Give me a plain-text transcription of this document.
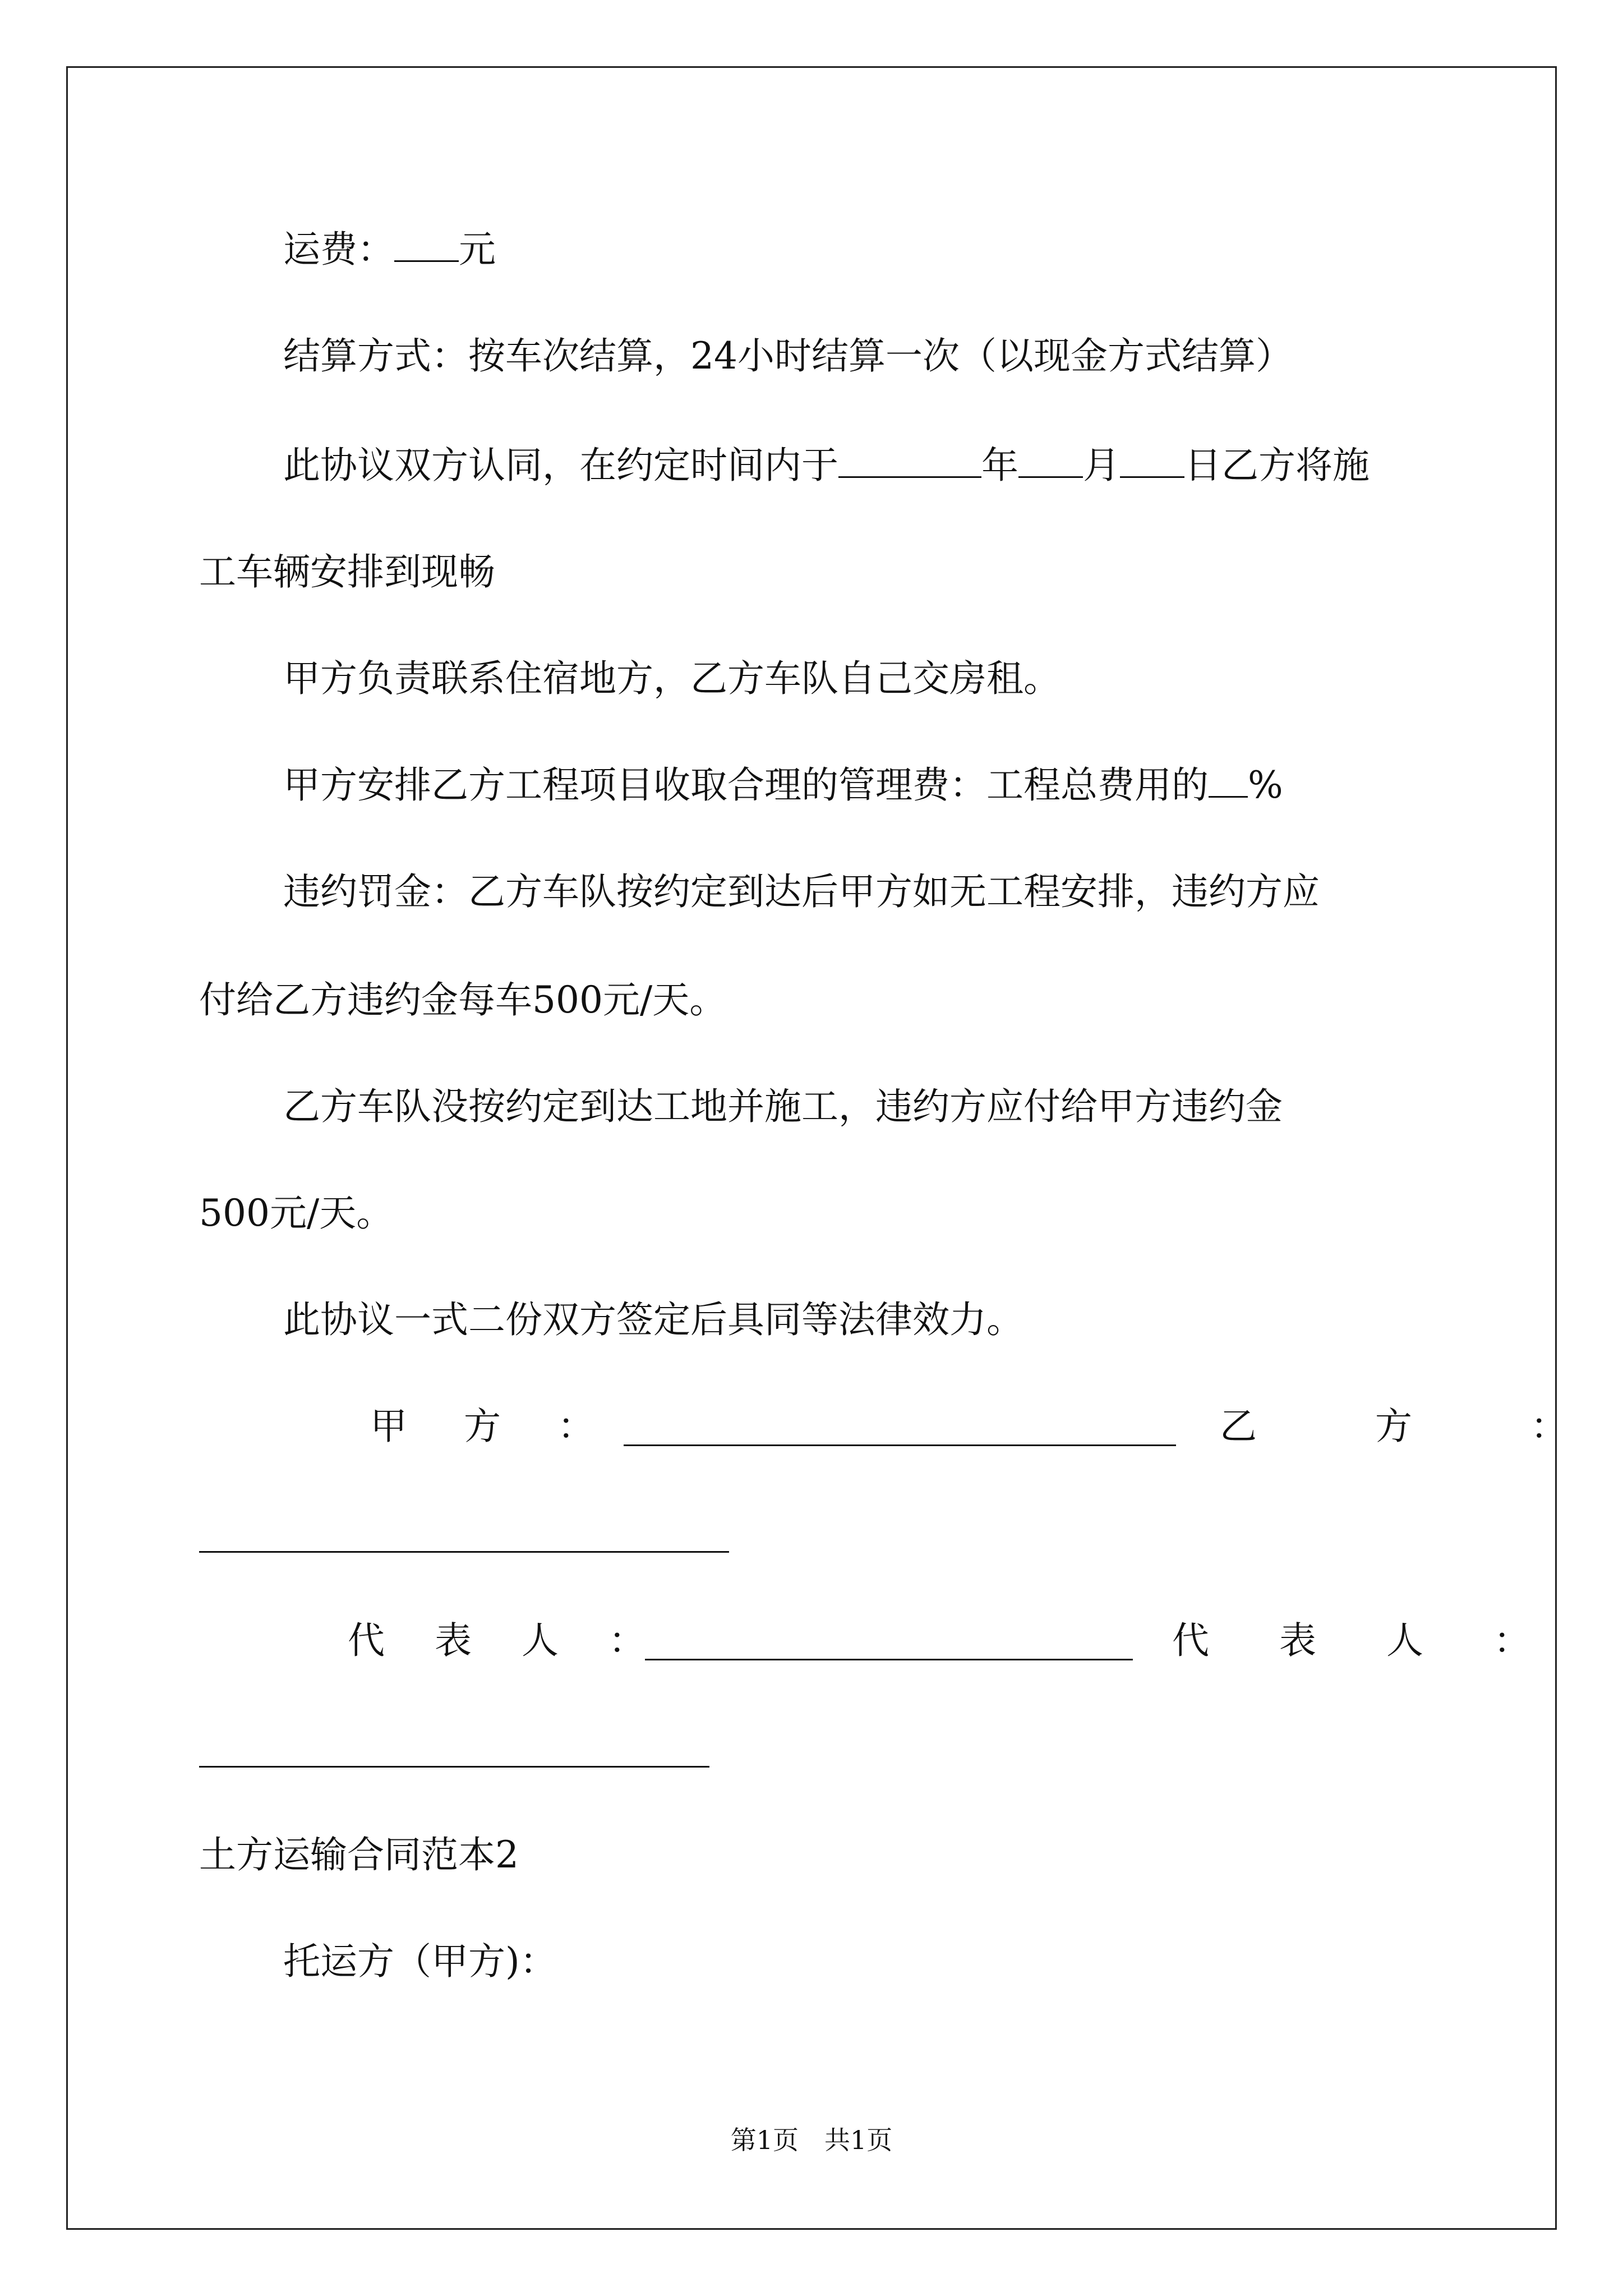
运费： 元
结算方式：按车次结算，24小时结算一次（以现金方式结算）
此协议双方认同，在约定时间内于	年 月 日乙方将施
工车辆安排到现畅
甲方负责联系住宿地方，乙方车队自己交房租。
甲方安排乙方工程项目收取合理的管理费：工程总费用的 %
违约罚金：乙方车队按约定到达后甲方如无工程安排，违约方应
付给乙方违约金每车500元/天。
乙方车队没按约定到达工地并施工，违约方应付给甲方违约金
500元/天。
此协议一式二份双方签定后具同等法律效力。
甲 方 ：	乙 方 ：
代 表 人 ：	代 表 人 ：
土方运输合同范本2
托运方（甲方)：
第1页　共1页
